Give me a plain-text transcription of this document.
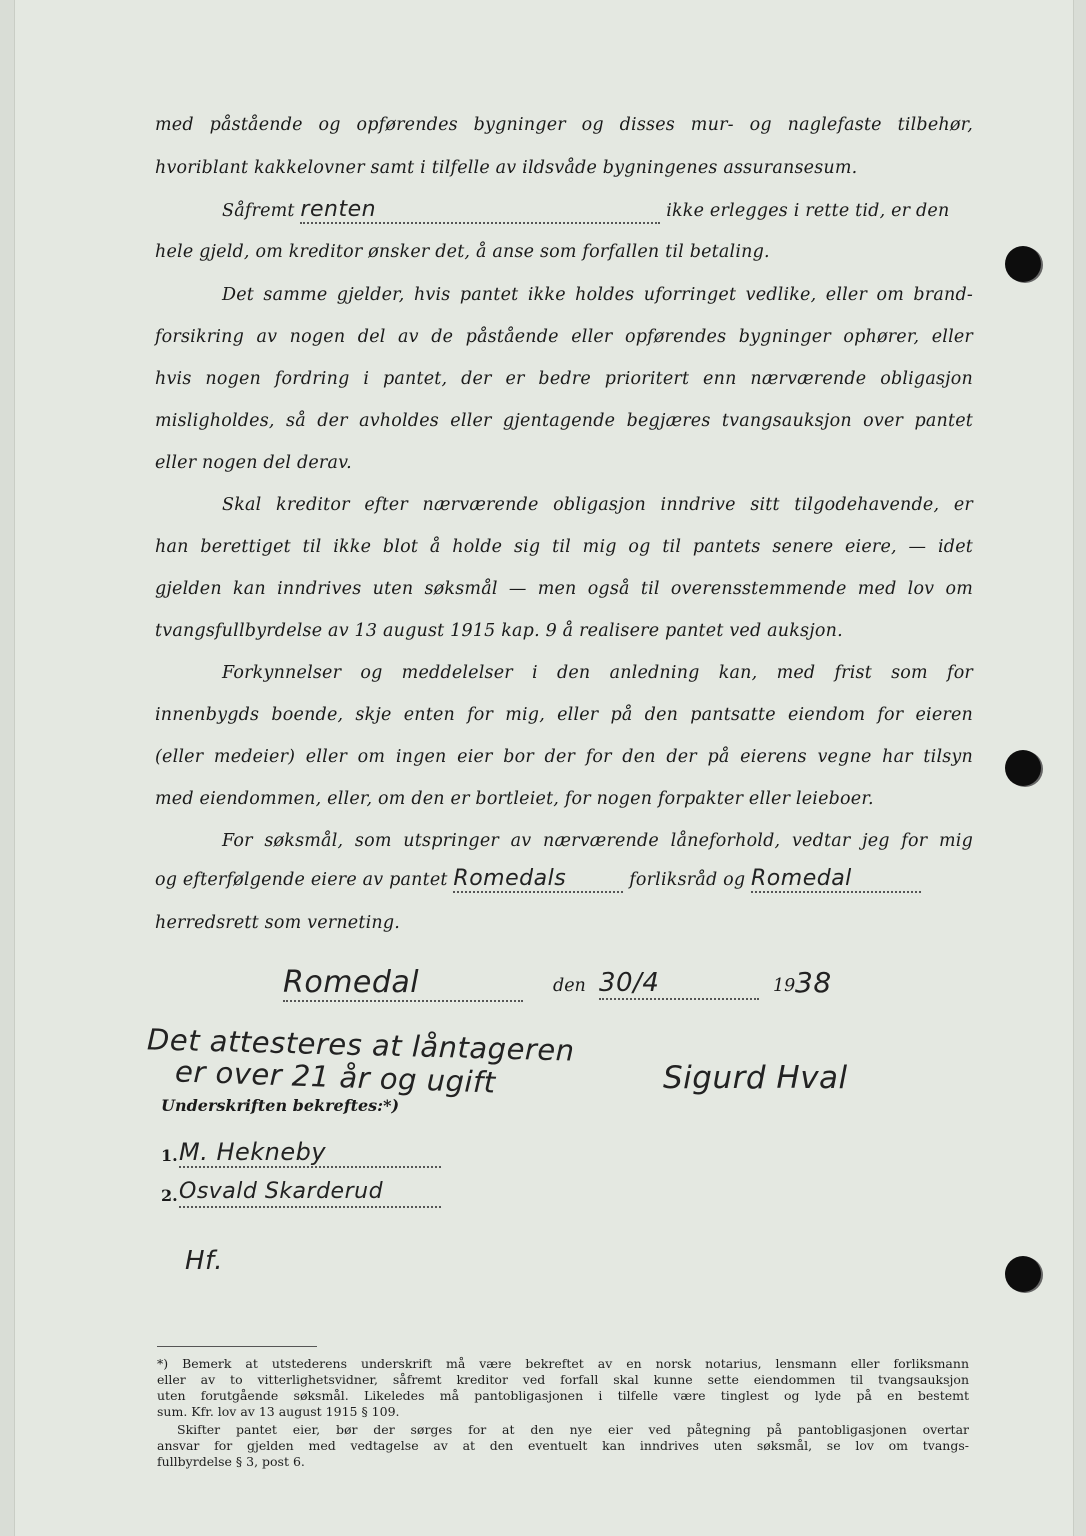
med påstående og opførendes bygninger og disses mur- og naglefaste tilbehør,
hvoriblant kakkelovner samt i tilfelle av ildsvåde bygningenes assuransesum.
Såfremt renten	ikke erlegges i rette tid, er den
hele gjeld, om kreditor ønsker det, å anse som forfallen til betaling.
Det samme gjelder, hvis pantet ikke holdes uforringet vedlike, eller om brand-
forsikring av nogen del av de påstående eller opførendes bygninger ophører, eller
hvis nogen fordring i pantet, der er bedre prioritert enn nærværende obligasjon
misligholdes, så der avholdes eller gjentagende begjæres tvangsauksjon over pantet
eller nogen del derav.
Skal kreditor efter nærværende obligasjon inndrive sitt tilgodehavende, er
han berettiget til ikke blot å holde sig til mig og til pantets senere eiere, — idet
gjelden kan inndrives uten søksmål — men også til overensstemmende med lov om
tvangsfullbyrdelse av 13 august 1915 kap. 9 å realisere pantet ved auksjon.
Forkynnelser og meddelelser i den anledning kan, med frist som for
innenbygds boende, skje enten for mig, eller på den pantsatte eiendom for eieren
(eller medeier) eller om ingen eier bor der for den der på eierens vegne har tilsyn
med eiendommen, eller, om den er bortleiet, for nogen forpakter eller leieboer.
For søksmål, som utspringer av nærværende låneforhold, vedtar jeg for mig
og efterfølgende eiere av pantet Romedals	forliksråd og Romedal
herredsrett som verneting.
Romedal	den 30/4	19 38
Det attesteres at låntageren
er over 21 år og ugift	Sigurd Hval
Underskriften bekreftes:*)
1. M. Hekneby
2. Osvald Skarderud
Hf.
*) Bemerk at utstederens underskrift må være bekreftet av en norsk notarius, lensmann eller forliksmann
eller av to vitterlighetsvidner, såfremt kreditor ved forfall skal kunne sette eiendommen til tvangsauksjon
uten forutgående søksmål. Likeledes må pantobligasjonen i tilfelle være tinglest og lyde på en bestemt
sum. Kfr. lov av 13 august 1915 § 109.
Skifter pantet eier, bør der sørges for at den nye eier ved påtegning på pantobligasjonen overtar
ansvar for gjelden med vedtagelse av at den eventuelt kan inndrives uten søksmål, se lov om tvangs-
fullbyrdelse § 3, post 6.
